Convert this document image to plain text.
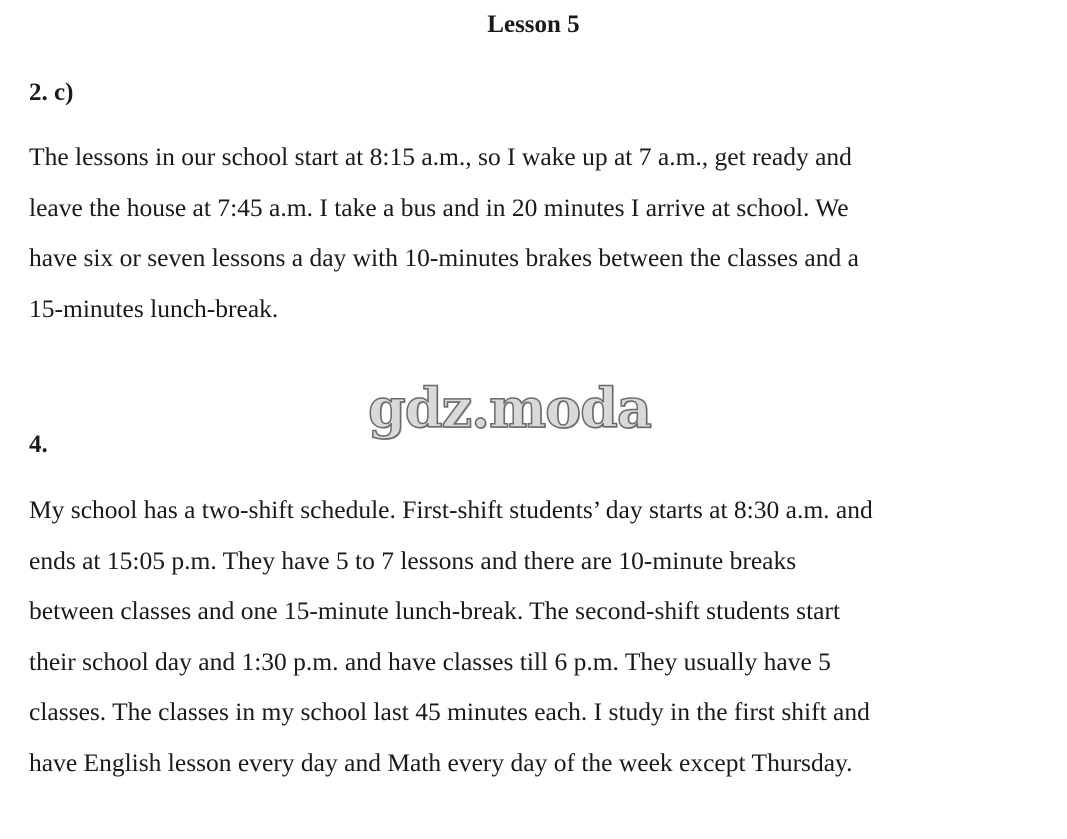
Lesson 5
2. c)

The lessons in our school start at 8:15 a.m., so I wake up at 7 a.m., get ready and
leave the house at 7:45 a.m. I take a bus and in 20 minutes I arrive at school. We
have six or seven lessons a day with 10-minutes brakes between the classes and a
15-minutes lunch-break.

gdz.moda
4.

My school has a two-shift schedule. First-shift students’ day starts at 8:30 a.m. and
ends at 15:05 p.m. They have 5 to 7 lessons and there are 10-minute breaks
between classes and one 15-minute lunch-break. The second-shift students start
their school day and 1:30 p.m. and have classes till 6 p.m. They usually have 5
classes. The classes in my school last 45 minutes each. I study in the first shift and
have English lesson every day and Math every day of the week except Thursday.
